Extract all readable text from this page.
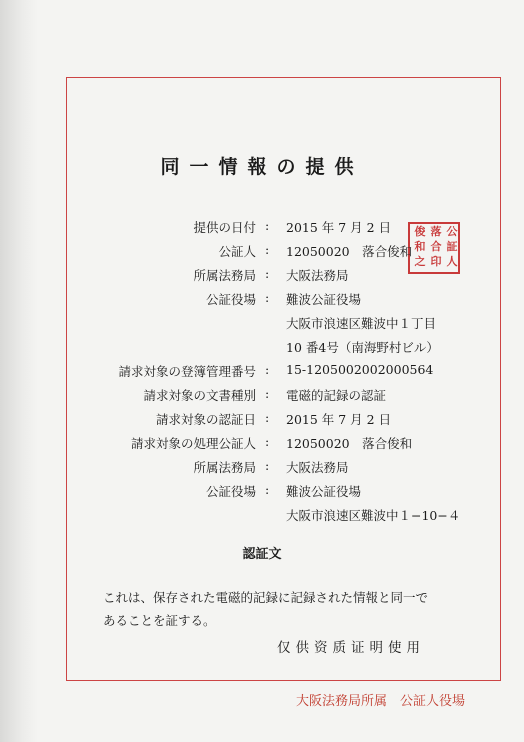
同一情報の提供
公
証
人
落
合
印
俊
和
之
提供の日付 : 2015 年 7 月 2 日
公証人 : 12050020　落合俊和
所属法務局 : 大阪法務局
公証役場 : 難波公証役場
大阪市浪速区難波中１丁目
10 番4号（南海野村ビル）
請求対象の登簿管理番号 : 15-1205002002000564
請求対象の文書種別 : 電磁的記録の認証
請求対象の認証日 : 2015 年 7 月 2 日
請求対象の処理公証人 : 12050020　落合俊和
所属法務局 : 大阪法務局
公証役場 : 難波公証役場
大阪市浪速区難波中１−10−４
認証文
これは、保存された電磁的記録に記録された情報と同一で
あることを証する。
仅供资质证明使用
大阪法務局所属　公証人役場
